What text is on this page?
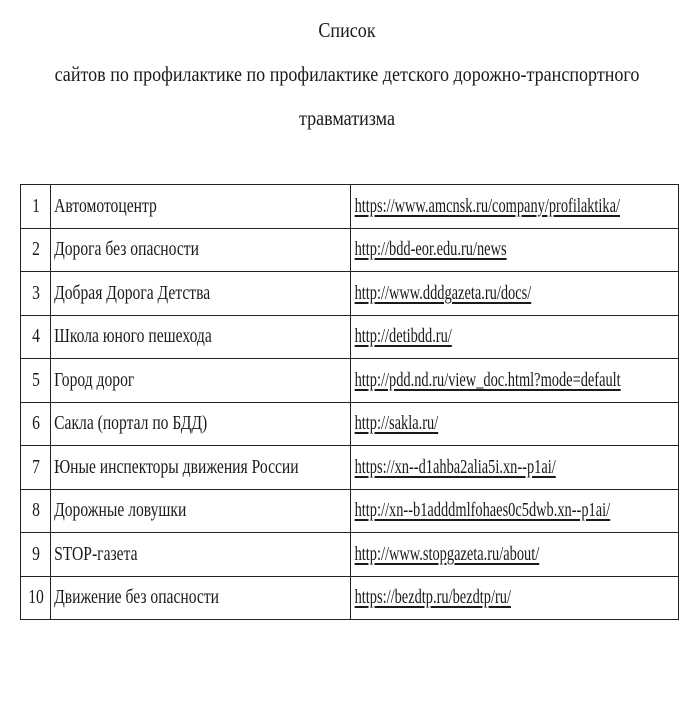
Список
сайтов по профилактике по профилактике детского дорожно-транспортного
травматизма
1	Автомотоцентр	https://www.amcnsk.ru/company/profilaktika/
2	Дорога без опасности	http://bdd-eor.edu.ru/news
3	Добрая Дорога Детства	http://www.dddgazeta.ru/docs/
4	Школа юного пешехода	http://detibdd.ru/
5	Город дорог	http://pdd.nd.ru/view_doc.html?mode=default
6	Сакла (портал по БДД)	http://sakla.ru/
7	Юные инспекторы движения России	https://xn--d1ahba2alia5i.xn--p1ai/
8	Дорожные ловушки	http://xn--b1adddmlfohaes0c5dwb.xn--p1ai/
9	STOP-газета	http://www.stopgazeta.ru/about/
10	Движение без опасности	https://bezdtp.ru/bezdtp/ru/
